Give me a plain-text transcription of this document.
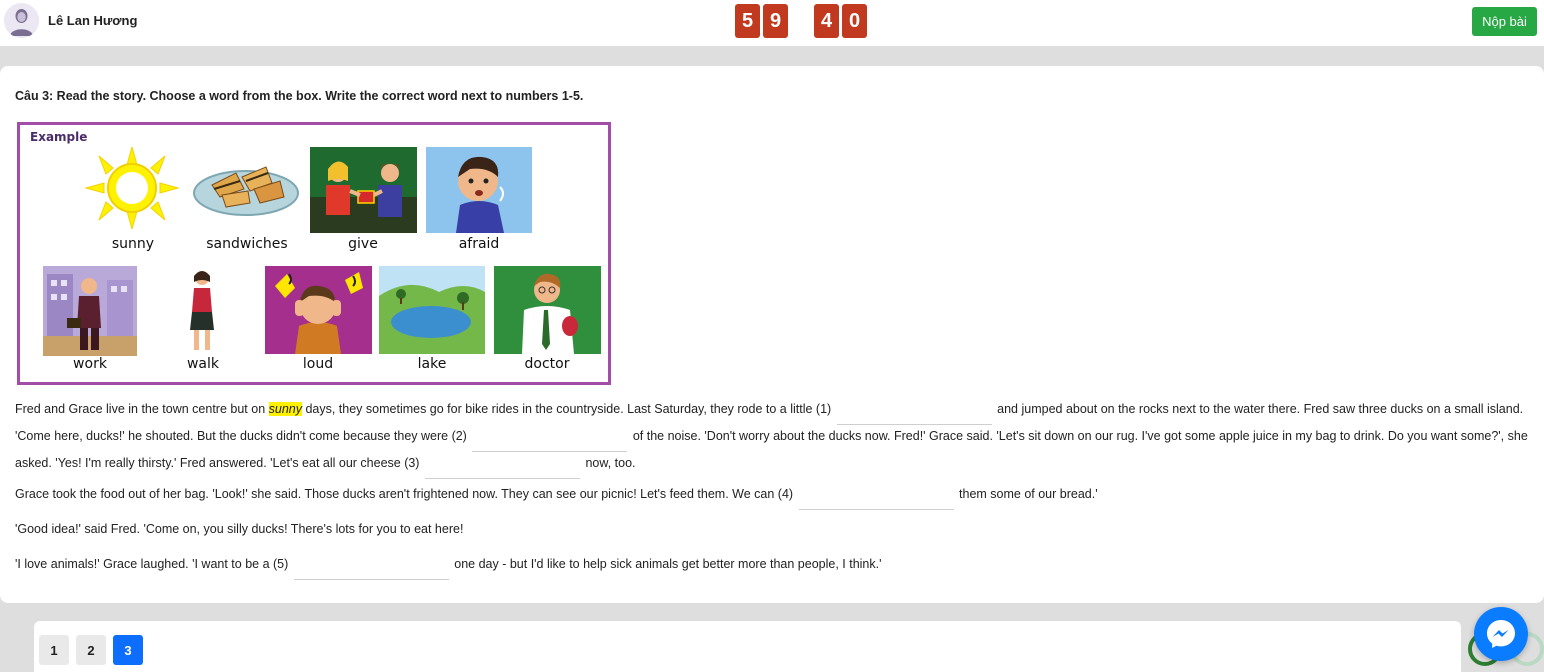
Lê Lan Hương	5 9	4 0	Nộp bài
Câu 3: Read the story. Choose a word from the box. Write the correct word next to numbers 1-5.
Example
sunny	sandwiches	give	afraid
work	walk	loud	lake	doctor

Fred and Grace live in the town centre but on sunny days, they sometimes go for bike rides in the countryside. Last Saturday, they rode to a little (1)	and jumped about on the rocks next to the water there. Fred saw three ducks on a small island. 'Come here, ducks!' he shouted. But the ducks didn't come because they were (2)	of the noise. 'Don't worry about the ducks now. Fred!' Grace said. 'Let's sit down on our rug. I've got some apple juice in my bag to drink. Do you want some?', she asked. 'Yes! I'm really thirsty.' Fred answered. 'Let's eat all our cheese (3)	now, too.

Grace took the food out of her bag. 'Look!' she said. Those ducks aren't frightened now. They can see our picnic! Let's feed them. We can (4)	them some of our bread.'

'Good idea!' said Fred. 'Come on, you silly ducks! There's lots for you to eat here!

'I love animals!' Grace laughed. 'I want to be a (5)	one day - but I'd like to help sick animals get better more than people, I think.'

1	2	3
